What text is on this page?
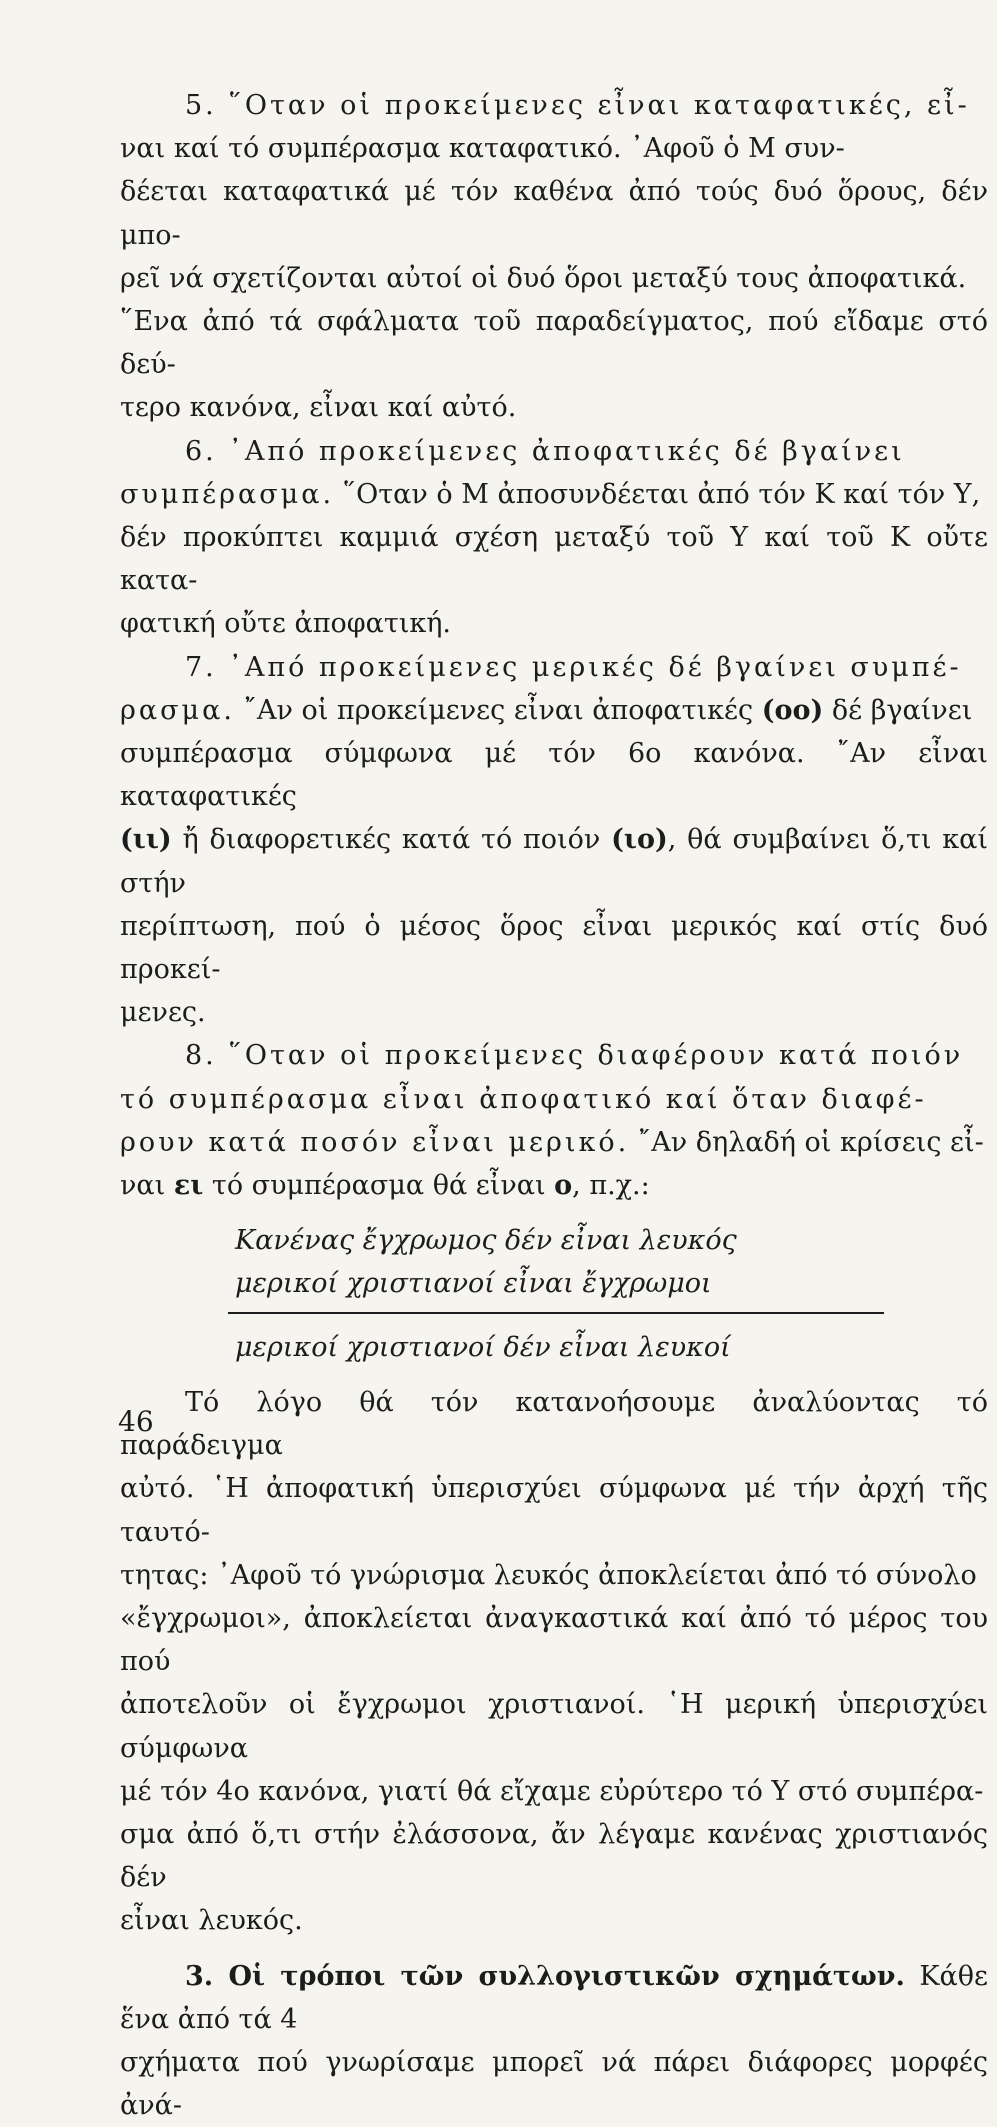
5. ῞Οταν οἱ προκείμενες εἶναι καταφατικές, εἶ-
ναι καί τό συμπέρασμα καταφατικό. ᾿Αφοῦ ὁ Μ συν-
δέεται καταφατικά μέ τόν καθένα ἀπό τούς δυό ὅρους, δέν μπο-
ρεῖ νά σχετίζονται αὐτοί οἱ δυό ὅροι μεταξύ τους ἀποφατικά.
῞Ενα ἀπό τά σφάλματα τοῦ παραδείγματος, πού εἴδαμε στό δεύ-
τερο κανόνα, εἶναι καί αὐτό.

6. ᾿Από προκείμενες ἀποφατικές δέ βγαίνει
συμπέρασμα. ῞Οταν ὁ Μ ἀποσυνδέεται ἀπό τόν Κ καί τόν Υ,
δέν προκύπτει καμμιά σχέση μεταξύ τοῦ Υ καί τοῦ Κ οὔτε κατα-
φατική οὔτε ἀποφατική.

7. ᾿Από προκείμενες μερικές δέ βγαίνει συμπέ-
ρασμα. ῎Αν οἱ προκείμενες εἶναι ἀποφατικές (οο) δέ βγαίνει
συμπέρασμα σύμφωνα μέ τόν 6ο κανόνα. ῎Αν εἶναι καταφατικές
(ιι) ἤ διαφορετικές κατά τό ποιόν (ιο), θά συμβαίνει ὅ,τι καί στήν
περίπτωση, πού ὁ μέσος ὅρος εἶναι μερικός καί στίς δυό προκεί-
μενες.

8. ῞Οταν οἱ προκείμενες διαφέρουν κατά ποιόν
τό συμπέρασμα εἶναι ἀποφατικό καί ὅταν διαφέ-
ρουν κατά ποσόν εἶναι μερικό. ῎Αν δηλαδή οἱ κρίσεις εἶ-
ναι ει τό συμπέρασμα θά εἶναι ο, π.χ.:

Κανένας ἔγχρωμος δέν εἶναι λευκός

μερικοί χριστιανοί εἶναι ἔγχρωμοι

μερικοί χριστιανοί δέν εἶναι λευκοί

Τό λόγο θά τόν κατανοήσουμε ἀναλύοντας τό παράδειγμα
αὐτό. ῾Η ἀποφατική ὑπερισχύει σύμφωνα μέ τήν ἀρχή τῆς ταυτό-
τητας: ᾿Αφοῦ τό γνώρισμα λευκός ἀποκλείεται ἀπό τό σύνολο
«ἔγχρωμοι», ἀποκλείεται ἀναγκαστικά καί ἀπό τό μέρος του πού
ἀποτελοῦν οἱ ἔγχρωμοι χριστιανοί. ῾Η μερική ὑπερισχύει σύμφωνα
μέ τόν 4ο κανόνα, γιατί θά εἴχαμε εὐρύτερο τό Υ στό συμπέρα-
σμα ἀπό ὅ,τι στήν ἐλάσσονα, ἄν λέγαμε κανένας χριστιανός δέν
εἶναι λευκός.

3. Οἱ τρόποι τῶν συλλογιστικῶν σχημάτων. Κάθε ἕνα ἀπό τά 4
σχήματα πού γνωρίσαμε μπορεῖ νά πάρει διάφορες μορφές ἀνά-

46
